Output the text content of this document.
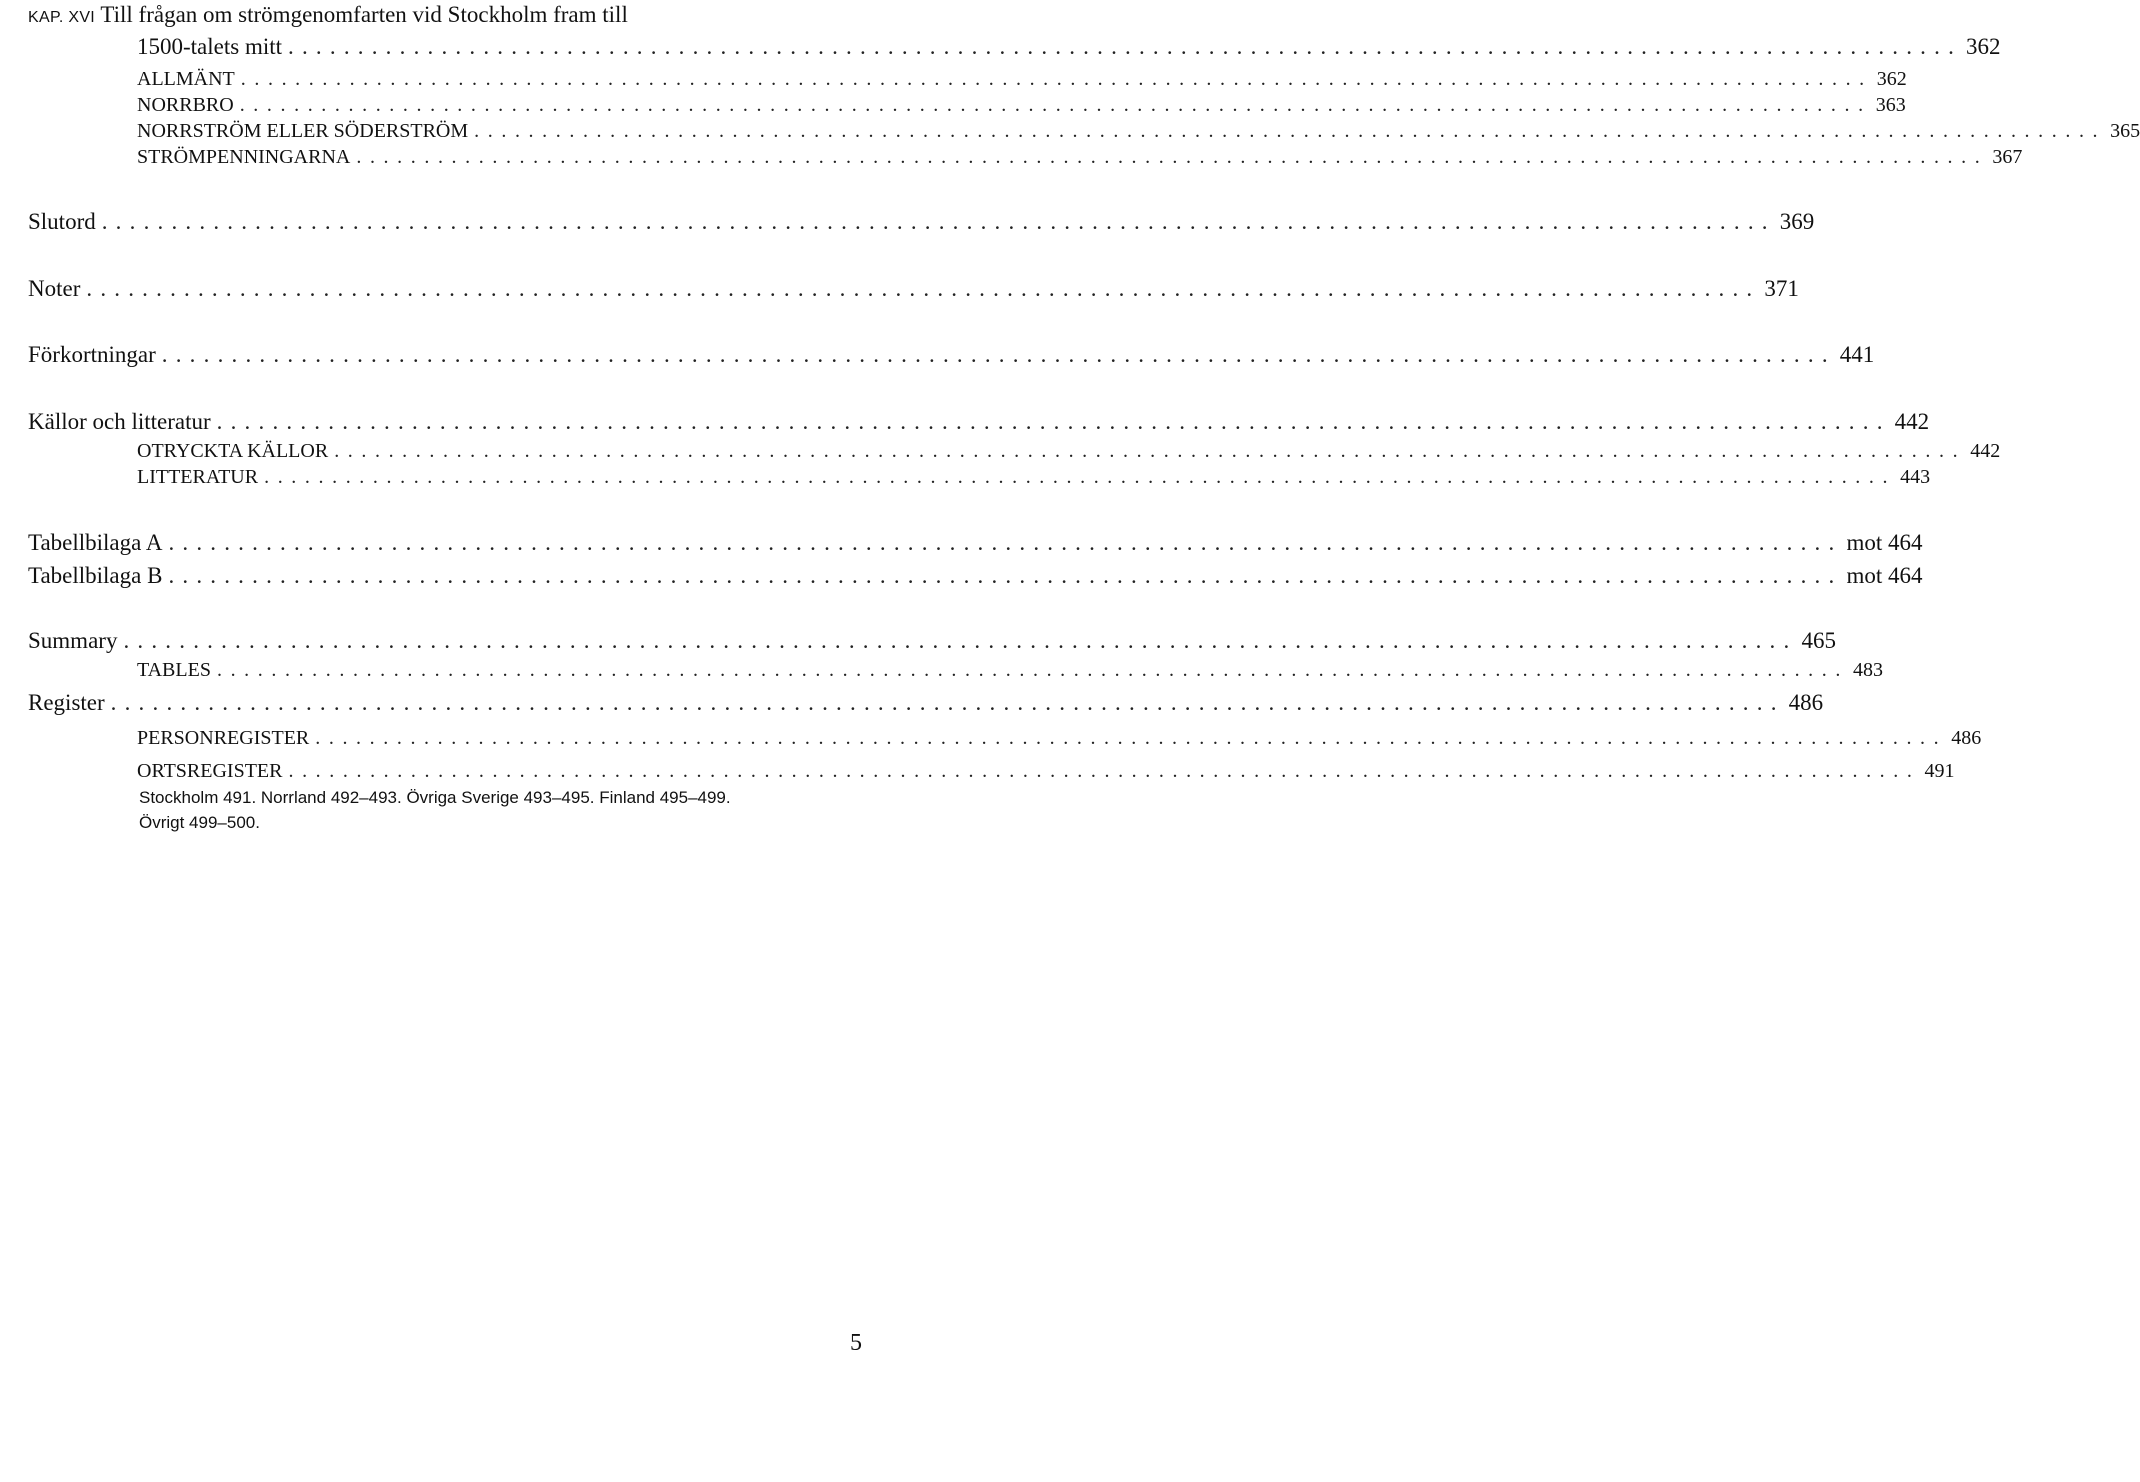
KAP. XVI Till frågan om strömgenomfarten vid Stockholm fram till
1500-talets mitt ........................................................................................................................ 362
ALLMÄNT ........................................................................................................................ 362
NORRBRO ........................................................................................................................ 363
NORRSTRÖM ELLER SÖDERSTRÖM ........................................................................................................................ 365
STRÖMPENNINGARNA ........................................................................................................................ 367
Slutord ........................................................................................................................ 369
Noter ........................................................................................................................ 371
Förkortningar ........................................................................................................................ 441
Källor och litteratur ........................................................................................................................ 442
OTRYCKTA KÄLLOR ........................................................................................................................ 442
LITTERATUR ........................................................................................................................ 443
Tabellbilaga A ........................................................................................................................ mot 464
Tabellbilaga B ........................................................................................................................ mot 464
Summary ........................................................................................................................ 465
TABLES ........................................................................................................................ 483
Register ........................................................................................................................ 486
PERSONREGISTER ........................................................................................................................ 486
ORTSREGISTER ........................................................................................................................ 491
Stockholm 491. Norrland 492–493. Övriga Sverige 493–495. Finland 495–499.
Övrigt 499–500.
5
